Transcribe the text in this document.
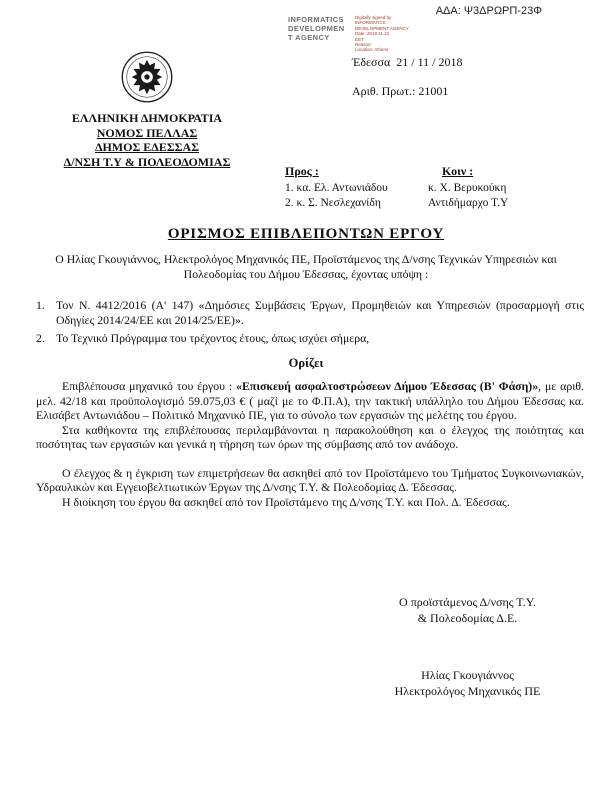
ΑΔΑ: Ψ3ΔΡΩΡΠ-23Φ
INFORMATICS
DEVELOPMEN
T AGENCY
Digitally signed by
INFORMATICS
DEVELOPMENT AGENCY
Date: 2018.11.21
EET
Reason:
Location: Athens
Έδεσσα  21 / 11 / 2018
Αριθ. Πρωτ.: 21001
ΕΛΛΗΝΙΚΗ ΔΗΜΟΚΡΑΤΙΑ
ΝΟΜΟΣ ΠΕΛΛΑΣ
ΔΗΜΟΣ ΕΔΕΣΣΑΣ
Δ/ΝΣΗ Τ.Υ & ΠΟΛΕΟΔΟΜΙΑΣ
Προς :
1. κα. Ελ. Αντωνιάδου
2. κ. Σ. Νεσλεχανίδη
Κοιν :
κ. Χ. Βερυκούκη
Αντιδήμαρχο Τ.Υ
ΟΡΙΣΜΟΣ ΕΠΙΒΛΕΠΟΝΤΩΝ ΕΡΓΟΥ
Ο Ηλίας Γκουγιάννος, Ηλεκτρολόγος Μηχανικός ΠΕ, Προϊστάμενος της Δ/νσης Τεχνικών Υπηρεσιών και Πολεοδομίας του Δήμου Έδεσσας, έχοντας υπόψη :
1. Τον Ν. 4412/2016 (Α' 147) «Δημόσιες Συμβάσεις Έργων, Προμηθειών και Υπηρεσιών (προσαρμογή στις Οδηγίες 2014/24/ΕΕ και 2014/25/ΕΕ)».
2. Το Τεχνικό Πρόγραμμα του τρέχοντος έτους, όπως ισχύει σήμερα,
Ορίζει

Επιβλέπουσα μηχανικό του έργου : «Επισκευή ασφαλτοστρώσεων Δήμου Έδεσσας (Β' Φάση)», με αριθ. μελ. 42/18 και προϋπολογισμό 59.075,03 € ( μαζί με το Φ.Π.Α), την τακτική υπάλληλο του Δήμου Έδεσσας κα. Ελισάβετ Αντωνιάδου – Πολιτικό Μηχανικό ΠΕ, για το σύνολο των εργασιών της μελέτης του έργου.

Στα καθήκοντα της επιβλέπουσας περιλαμβάνονται η παρακολούθηση και ο έλεγχος της ποιότητας και ποσότητας των εργασιών και γενικά η τήρηση των όρων της σύμβασης από τον ανάδοχο.

Ο έλεγχος & η έγκριση των επιμετρήσεων θα ασκηθεί από τον Προϊστάμενο του Τμήματος Συγκοινωνιακών, Υδραυλικών και Εγγειοβελτιωτικών Έργων της Δ/νσης Τ.Υ. & Πολεοδομίας Δ. Έδεσσας.

Η διοίκηση του έργου θα ασκηθεί από τον Προϊστάμενο της Δ/νσης Τ.Υ. και Πολ. Δ. Έδεσσας.

Ο προϊστάμενος Δ/νσης Τ.Υ.
& Πολεοδομίας Δ.Ε.
Ηλίας Γκουγιάννος
Ηλεκτρολόγος Μηχανικός ΠΕ
